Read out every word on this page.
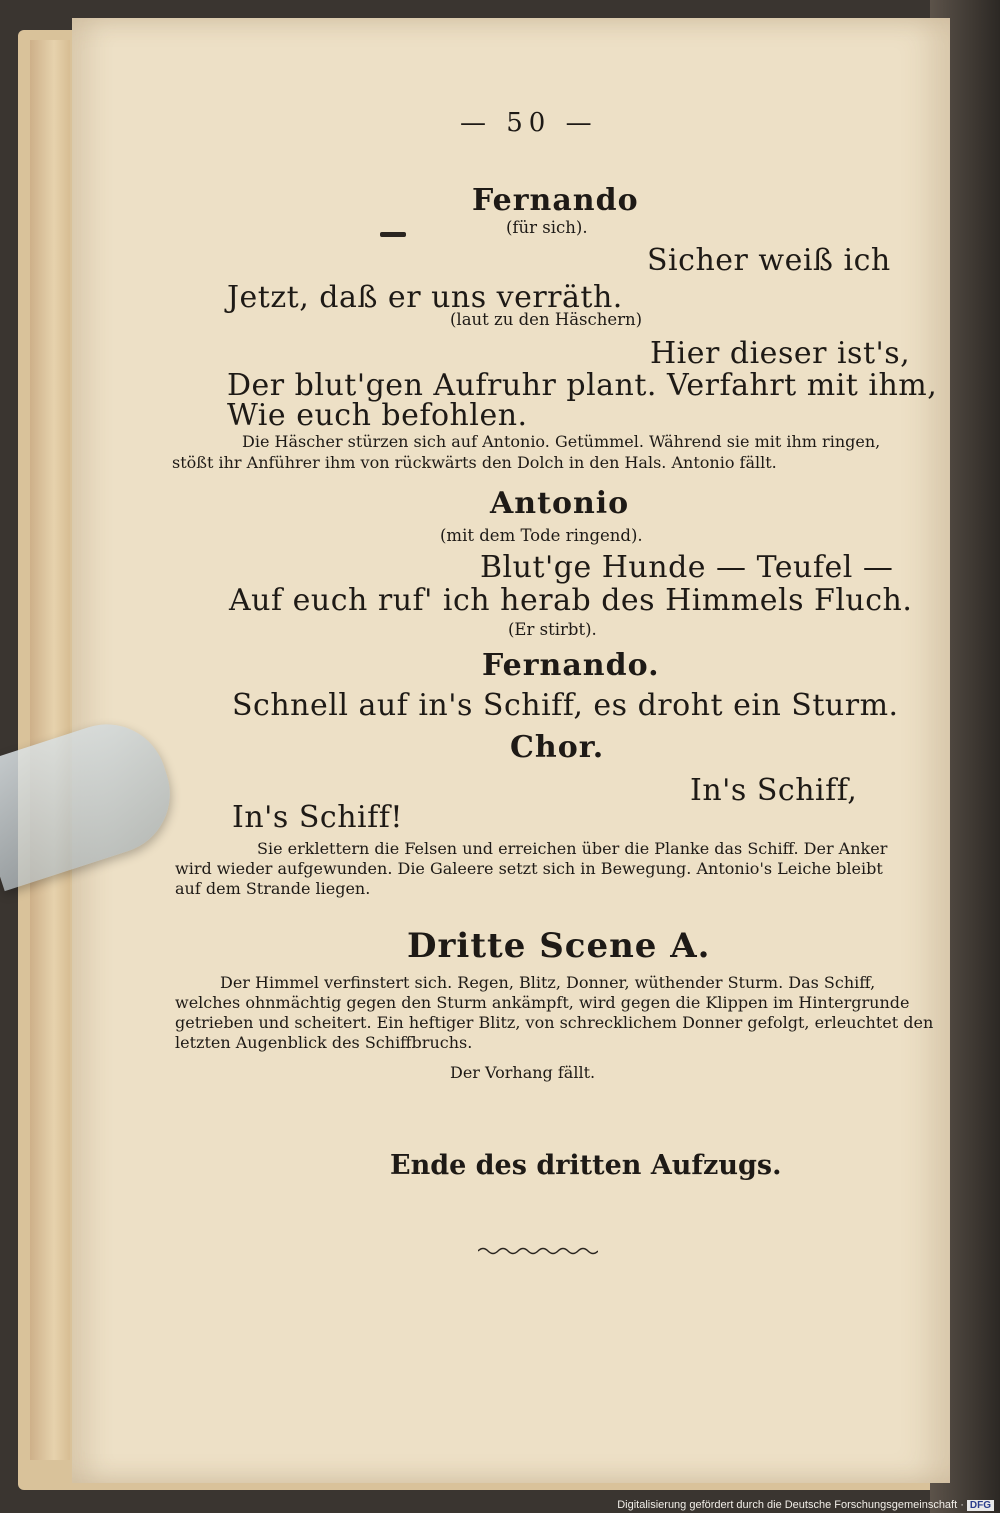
— 50 —
Fernando
(für sich).
Sicher weiß ich
Jetzt, daß er uns verräth.
(laut zu den Häschern)
Hier dieser ist's,
Der blut'gen Aufruhr plant. Verfahrt mit ihm,
Wie euch befohlen.
Die Häscher stürzen sich auf Antonio. Getümmel. Während sie mit ihm ringen,
stößt ihr Anführer ihm von rückwärts den Dolch in den Hals. Antonio fällt.
Antonio
(mit dem Tode ringend).
Blut'ge Hunde — Teufel —
Auf euch ruf' ich herab des Himmels Fluch.
(Er stirbt).
Fernando.
Schnell auf in's Schiff, es droht ein Sturm.
Chor.
In's Schiff,
In's Schiff!
Sie erklettern die Felsen und erreichen über die Planke das Schiff. Der Anker
wird wieder aufgewunden. Die Galeere setzt sich in Bewegung. Antonio's Leiche bleibt
auf dem Strande liegen.
Dritte Scene A.
Der Himmel verfinstert sich. Regen, Blitz, Donner, wüthender Sturm. Das Schiff,
welches ohnmächtig gegen den Sturm ankämpft, wird gegen die Klippen im Hintergrunde
getrieben und scheitert. Ein heftiger Blitz, von schrecklichem Donner gefolgt, erleuchtet den
letzten Augenblick des Schiffbruchs.
Der Vorhang fällt.
Ende des dritten Aufzugs.
Digitalisierung gefördert durch die Deutsche Forschungsgemeinschaft · DFG
